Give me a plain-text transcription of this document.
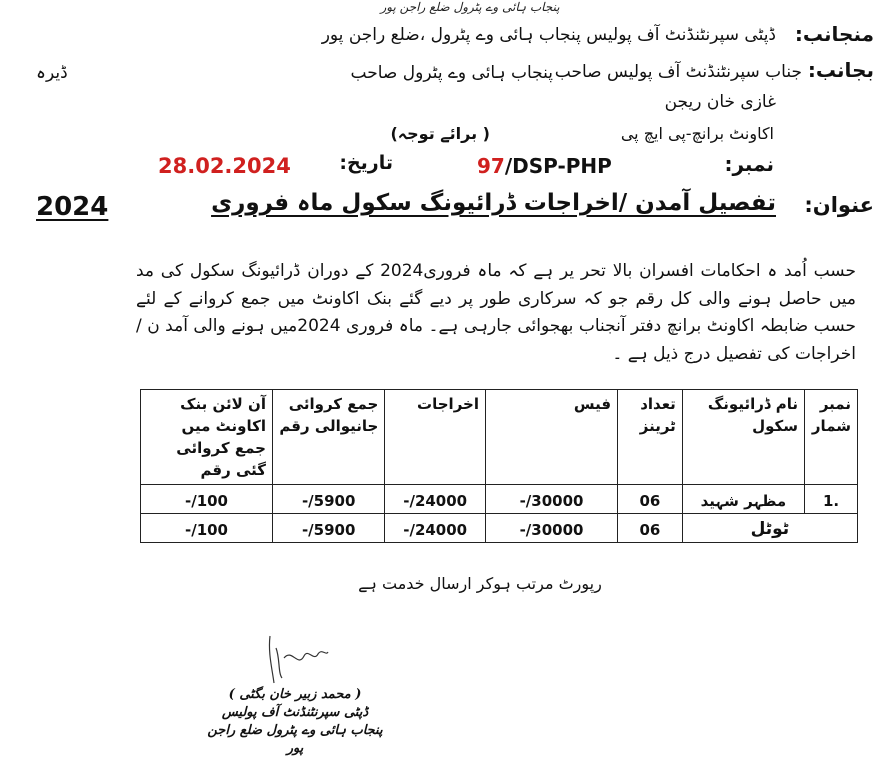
پنجاب ہائی وے پٹرول ضلع راجن پور
منجانب:
ڈپٹی سپرنٹنڈنٹ آف پولیس پنجاب ہائی وے پٹرول ،ضلع راجن پور
بجانب:
جناب سپرنٹنڈنٹ آف پولیس صاحب
پنجاب ہائی وے پٹرول صاحب
ڈیرہ
غازی خان ریجن
اکاونٹ برانچ-پی ایچ پی
( برائے توجہ)
نمبر:
97/DSP-PHP
تاریخ:
28.02.2024
عنوان:
تفصیل آمدن /اخراجات ڈرائیونگ سکول ماہ فروری
2024
حسب اُمد ہ احکامات افسران بالا تحر یر ہے کہ ماہ فروری2024 کے دوران ڈرائیونگ سکول کی مد میں حاصل ہونے والی کل رقم جو کہ سرکاری طور پر دیے گئے بنک اکاونٹ میں جمع کروانے کے لئے حسب ضابطہ اکاونٹ برانچ دفتر آنجناب بھجوائی جارہی ہے۔ ماہ فروری 2024میں ہونے والی آمد ن /اخراجات کی تفصیل درج ذیل ہے ۔
نمبر شمار	نام ڈرائیونگ سکول	تعداد ٹرینز	فیس	اخراجات	جمع کروائی جانیوالی رقم	آن لائن بنک اکاونٹ میں جمع کروائی گئی رقم
.1	مظہر شہید	06	30000/-	24000/-	5900/-	100/-
ٹوٹل		06	30000/-	24000/-	5900/-	100/-
رپورٹ مرتب ہوکر ارسال خدمت ہے
( محمد زبیر خان بگٹی )
ڈپٹی سپرنٹنڈنٹ آف پولیس
پنجاب ہائی وے پٹرول ضلع راجن پور
